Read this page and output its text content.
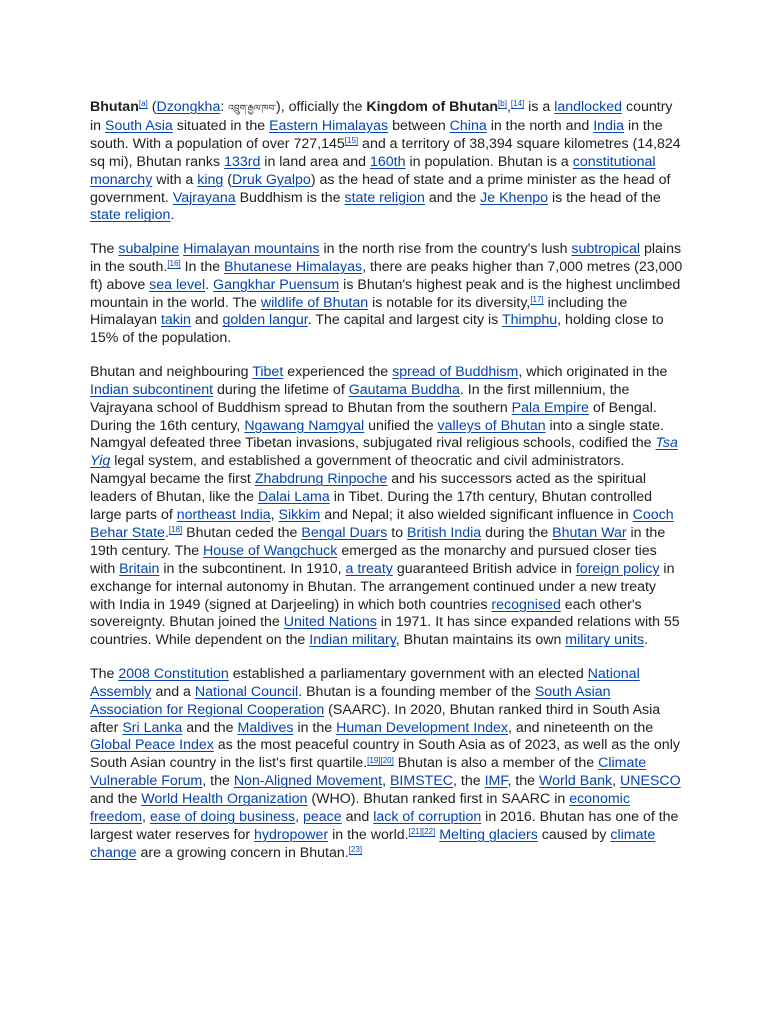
Bhutan[a] (Dzongkha: འབྲུག་རྒྱལ་ཁབ་), officially the Kingdom of Bhutan[b],[14] is a landlocked country in South Asia situated in the Eastern Himalayas between China in the north and India in the south. With a population of over 727,145[15] and a territory of 38,394 square kilometres (14,824 sq mi), Bhutan ranks 133rd in land area and 160th in population. Bhutan is a constitutional monarchy with a king (Druk Gyalpo) as the head of state and a prime minister as the head of government. Vajrayana Buddhism is the state religion and the Je Khenpo is the head of the state religion.

The subalpine Himalayan mountains in the north rise from the country's lush subtropical plains in the south.[16] In the Bhutanese Himalayas, there are peaks higher than 7,000 metres (23,000 ft) above sea level. Gangkhar Puensum is Bhutan's highest peak and is the highest unclimbed mountain in the world. The wildlife of Bhutan is notable for its diversity,[17] including the Himalayan takin and golden langur. The capital and largest city is Thimphu, holding close to 15% of the population.

Bhutan and neighbouring Tibet experienced the spread of Buddhism, which originated in the Indian subcontinent during the lifetime of Gautama Buddha. In the first millennium, the Vajrayana school of Buddhism spread to Bhutan from the southern Pala Empire of Bengal. During the 16th century, Ngawang Namgyal unified the valleys of Bhutan into a single state. Namgyal defeated three Tibetan invasions, subjugated rival religious schools, codified the Tsa Yig legal system, and established a government of theocratic and civil administrators. Namgyal became the first Zhabdrung Rinpoche and his successors acted as the spiritual leaders of Bhutan, like the Dalai Lama in Tibet. During the 17th century, Bhutan controlled large parts of northeast India, Sikkim and Nepal; it also wielded significant influence in Cooch Behar State.[18] Bhutan ceded the Bengal Duars to British India during the Bhutan War in the 19th century. The House of Wangchuck emerged as the monarchy and pursued closer ties with Britain in the subcontinent. In 1910, a treaty guaranteed British advice in foreign policy in exchange for internal autonomy in Bhutan. The arrangement continued under a new treaty with India in 1949 (signed at Darjeeling) in which both countries recognised each other's sovereignty. Bhutan joined the United Nations in 1971. It has since expanded relations with 55 countries. While dependent on the Indian military, Bhutan maintains its own military units.

The 2008 Constitution established a parliamentary government with an elected National Assembly and a National Council. Bhutan is a founding member of the South Asian Association for Regional Cooperation (SAARC). In 2020, Bhutan ranked third in South Asia after Sri Lanka and the Maldives in the Human Development Index, and nineteenth on the Global Peace Index as the most peaceful country in South Asia as of 2023, as well as the only South Asian country in the list's first quartile.[19][20] Bhutan is also a member of the Climate Vulnerable Forum, the Non-Aligned Movement, BIMSTEC, the IMF, the World Bank, UNESCO and the World Health Organization (WHO). Bhutan ranked first in SAARC in economic freedom, ease of doing business, peace and lack of corruption in 2016. Bhutan has one of the largest water reserves for hydropower in the world.[21][22] Melting glaciers caused by climate change are a growing concern in Bhutan.[23]
